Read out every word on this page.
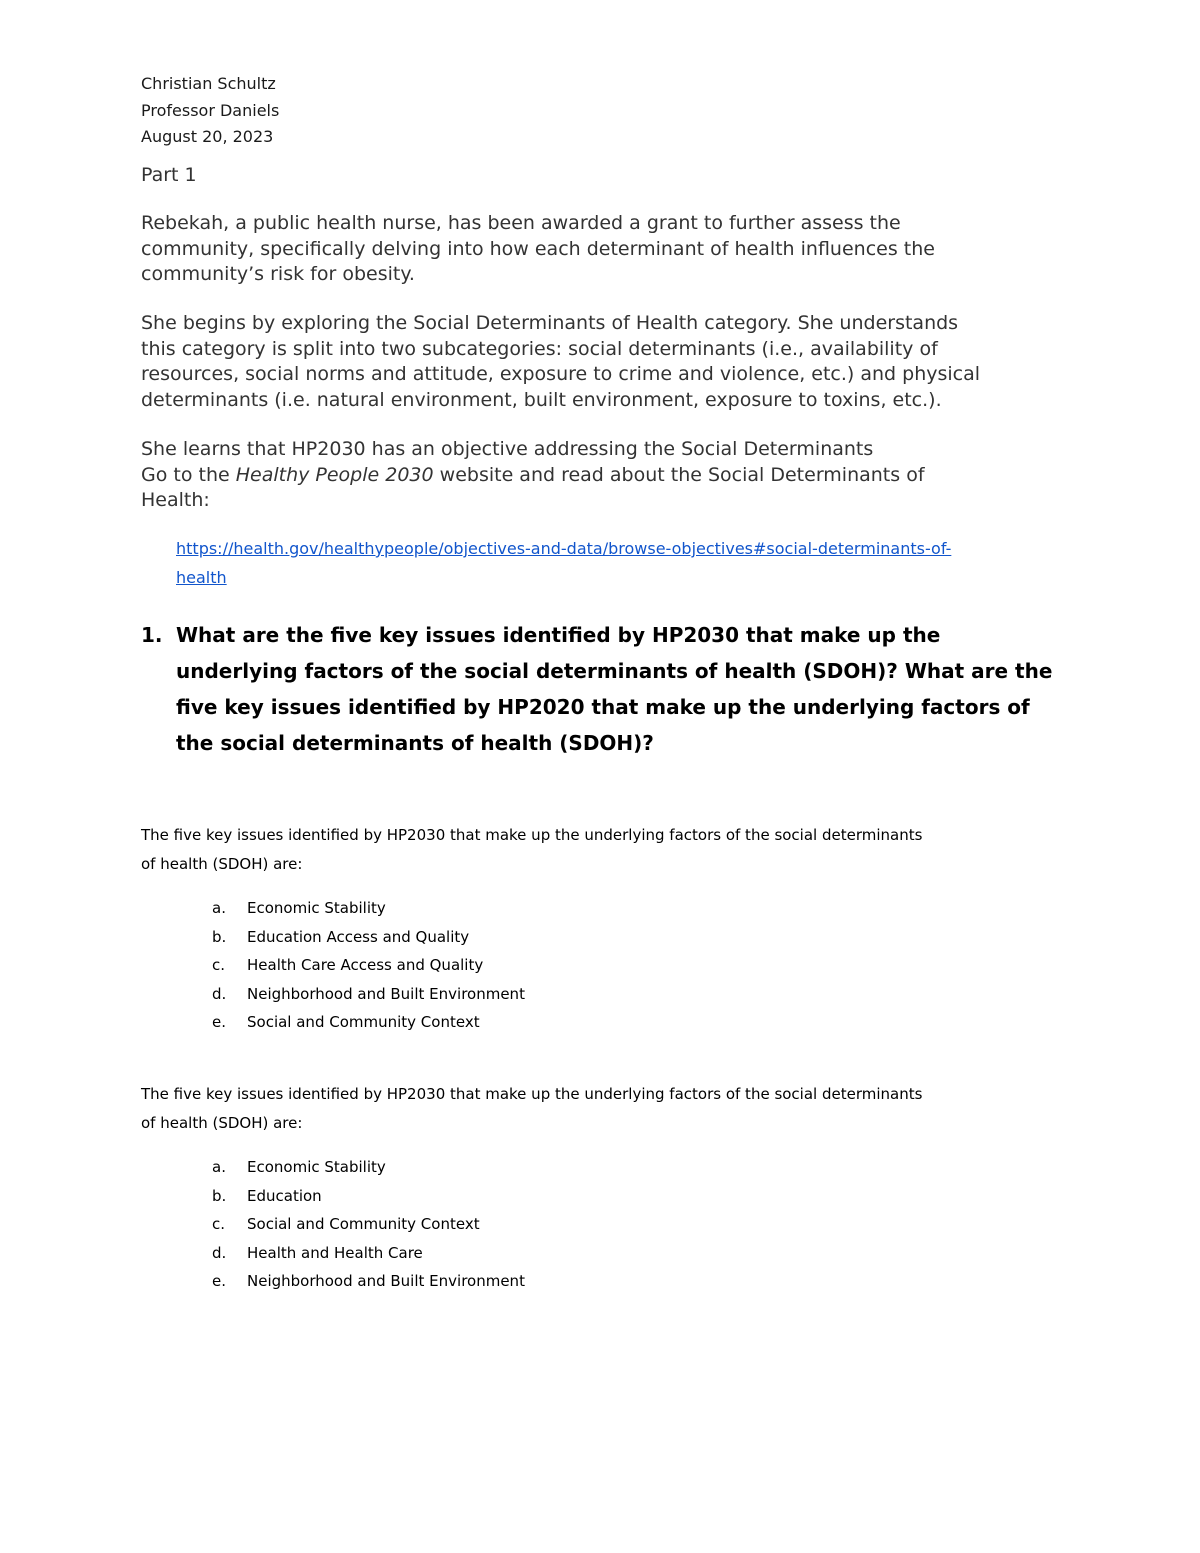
Christian Schultz
Professor Daniels
August 20, 2023
Part 1

Rebekah, a public health nurse, has been awarded a grant to further assess the
community, specifically delving into how each determinant of health influences the
community’s risk for obesity.

She begins by exploring the Social Determinants of Health category. She understands
this category is split into two subcategories: social determinants (i.e., availability of
resources, social norms and attitude, exposure to crime and violence, etc.) and physical
determinants (i.e. natural environment, built environment, exposure to toxins, etc.).

She learns that HP2030 has an objective addressing the Social Determinants
Go to the Healthy People 2030 website and read about the Social Determinants of
Health:

https://health.gov/healthypeople/objectives-and-data/browse-objectives#social-determinants-of-
health
1. What are the five key issues identified by HP2030 that make up the
underlying factors of the social determinants of health (SDOH)? What are the
five key issues identified by HP2020 that make up the underlying factors of
the social determinants of health (SDOH)?
The five key issues identified by HP2030 that make up the underlying factors of the social determinants
of health (SDOH) are:
a. Economic Stability
b. Education Access and Quality
c. Health Care Access and Quality
d. Neighborhood and Built Environment
e. Social and Community Context
The five key issues identified by HP2030 that make up the underlying factors of the social determinants
of health (SDOH) are:
a. Economic Stability
b. Education
c. Social and Community Context
d. Health and Health Care
e. Neighborhood and Built Environment
